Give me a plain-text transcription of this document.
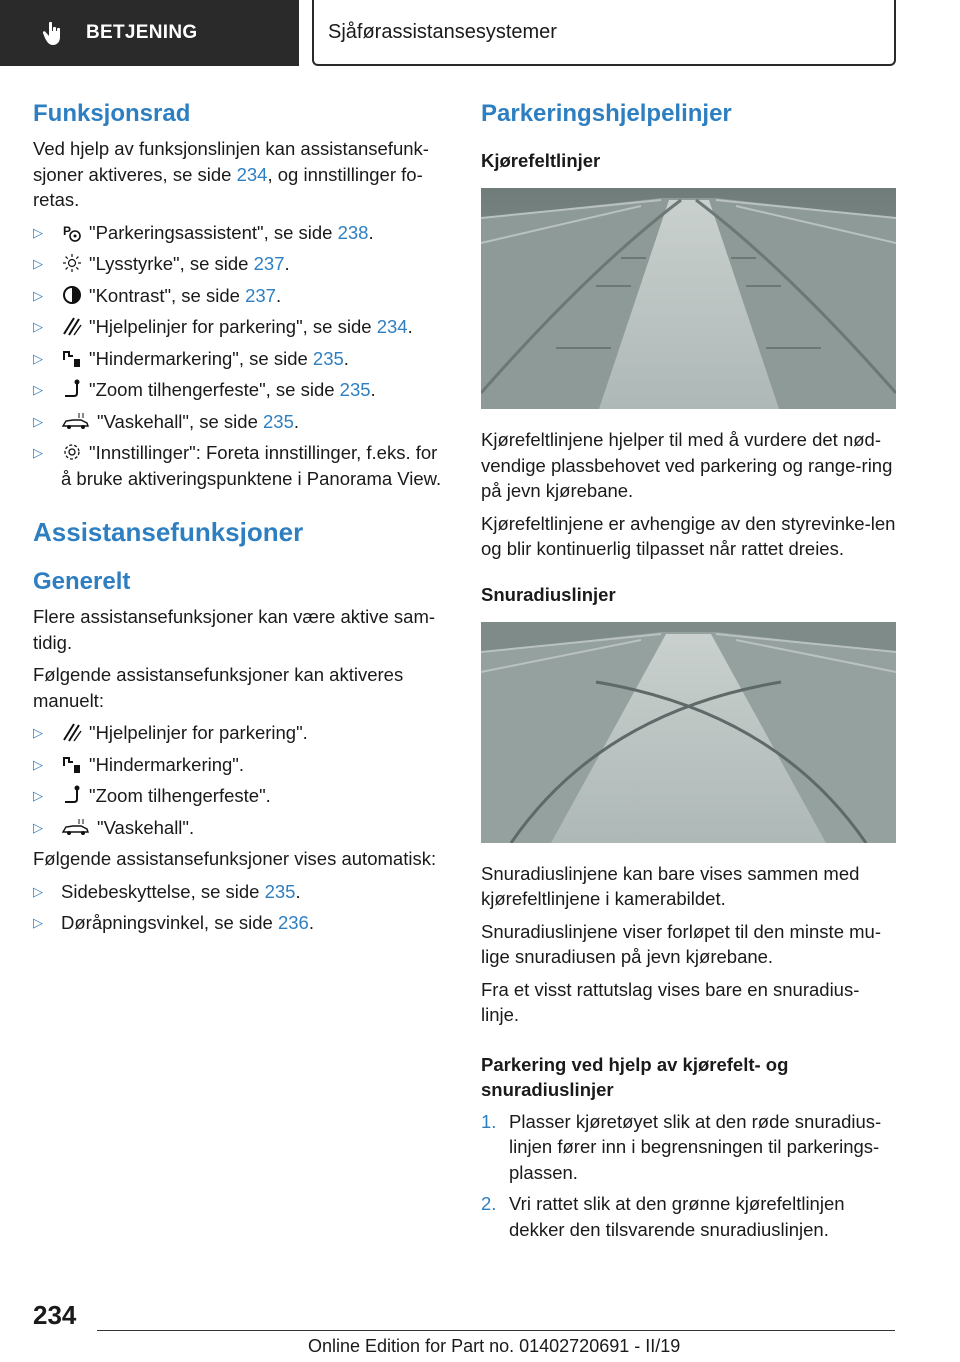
BETJENING	Sjåførassistansesystemer
Funksjonsrad

Ved hjelp av funksjonslinjen kan assistansefunk-sjoner aktiveres, se side 234, og innstillinger fo-retas.

▷ P "Parkeringsassistent", se side 238.
▷ "Lysstyrke", se side 237.
▷ "Kontrast", se side 237.
▷ "Hjelpelinjer for parkering", se side 234.
▷ "Hindermarkering", se side 235.
▷ "Zoom tilhengerfeste", se side 235.
▷	"Vaskehall", se side 235.
▷ "Innstillinger": Foreta innstillinger, f.eks. for å bruke aktiveringspunktene i Panorama View.
Assistansefunksjoner
Generelt

Flere assistansefunksjoner kan være aktive sam-tidig.

Følgende assistansefunksjoner kan aktiveres manuelt:

▷ "Hjelpelinjer for parkering".
▷ "Hindermarkering".
▷ "Zoom tilhengerfeste".
▷	"Vaskehall".

Følgende assistansefunksjoner vises automatisk:

▷ Sidebeskyttelse, se side 235.
▷ Døråpningsvinkel, se side 236.
Parkeringshjelpelinjer
Kjørefeltlinjer

Kjørefeltlinjene hjelper til med å vurdere det nød-vendige plassbehovet ved parkering og range-ring på jevn kjørebane.

Kjørefeltlinjene er avhengige av den styrevinke-len og blir kontinuerlig tilpasset når rattet dreies.

Snuradiuslinjer

Snuradiuslinjene kan bare vises sammen med kjørefeltlinjene i kamerabildet.

Snuradiuslinjene viser forløpet til den minste mu-lige snuradiusen på jevn kjørebane.

Fra et visst rattutslag vises bare en snuradius-linje.

Parkering ved hjelp av kjørefelt- og snuradiuslinjer
1. Plasser kjøretøyet slik at den røde snuradius-linjen fører inn i begrensningen til parkerings-plassen.
2. Vri rattet slik at den grønne kjørefeltlinjen dekker den tilsvarende snuradiuslinjen.
234
Online Edition for Part no. 01402720691 - II/19
